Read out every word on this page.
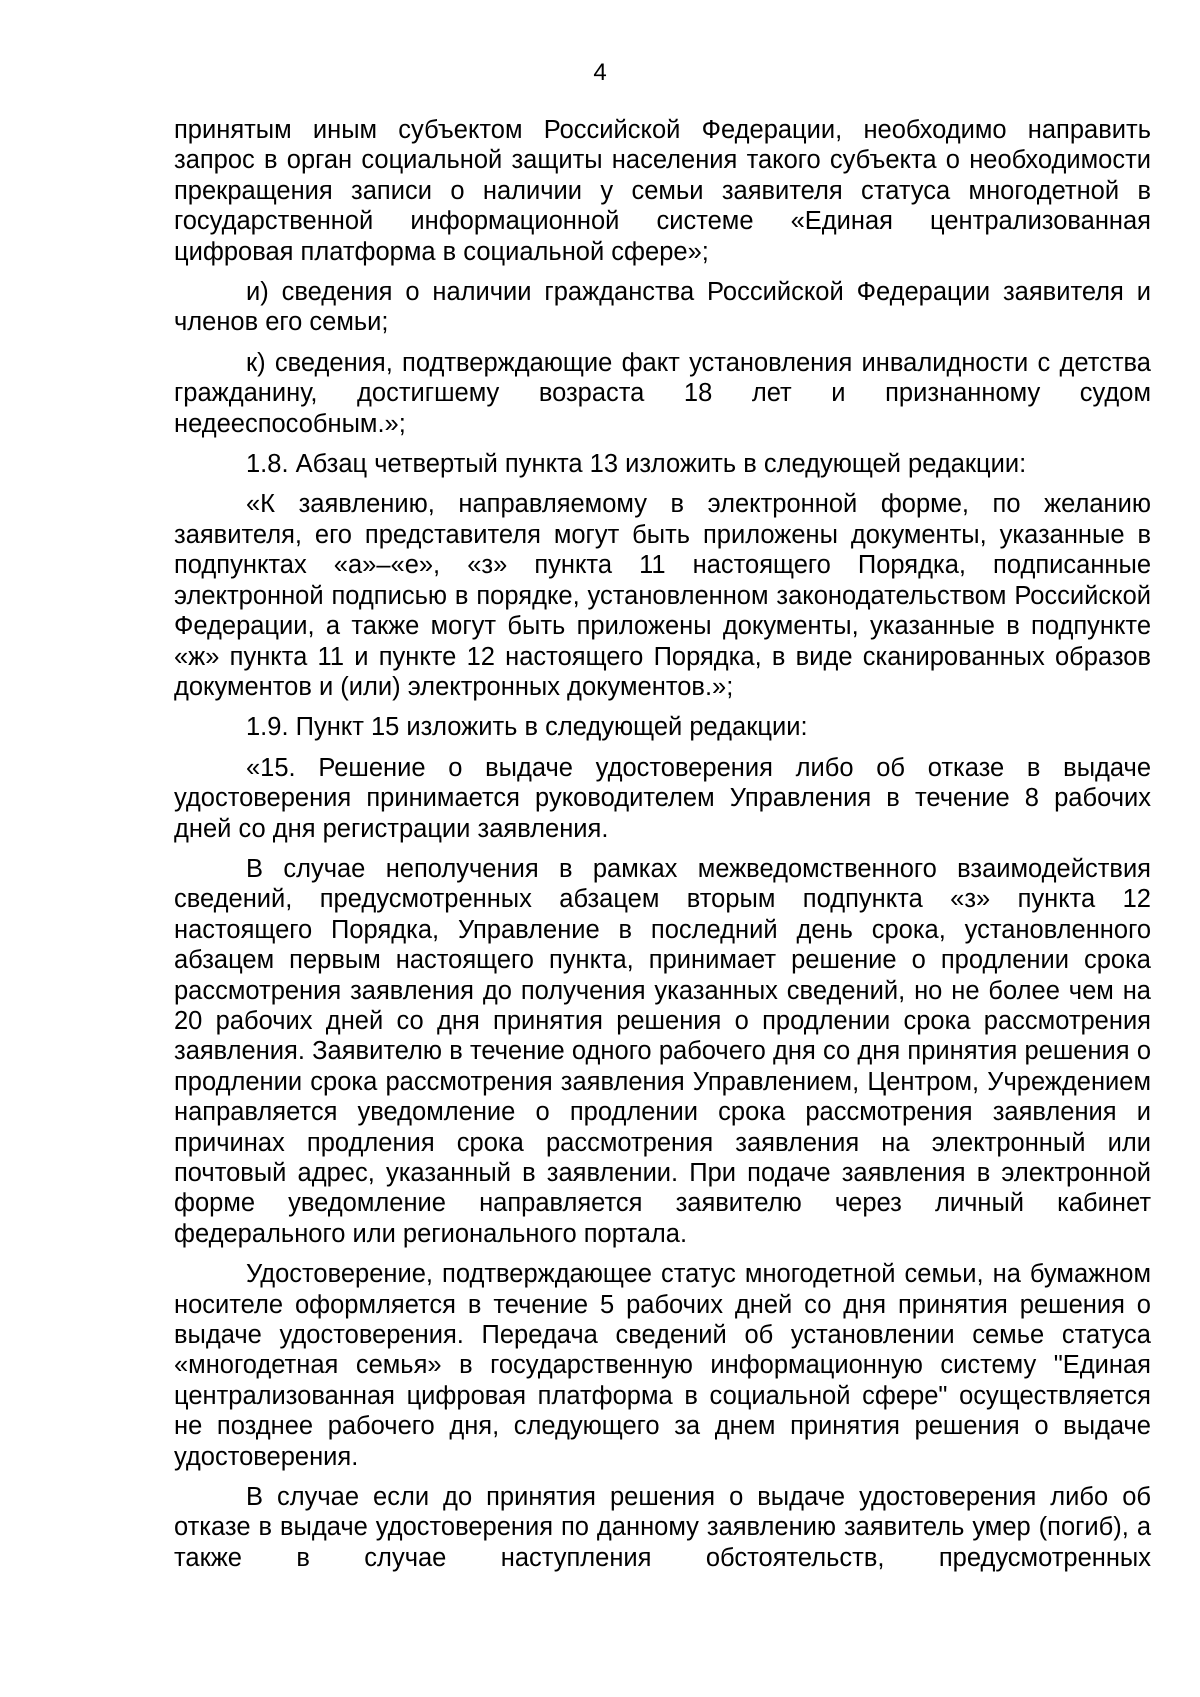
4

принятым иным субъектом Российской Федерации, необходимо направить запрос в орган социальной защиты населения такого субъекта о необходимости прекращения записи о наличии у семьи заявителя статуса многодетной в государственной информационной системе «Единая централизованная цифровая платформа в социальной сфере»;

и) сведения о наличии гражданства Российской Федерации заявителя и членов его семьи;

к) сведения, подтверждающие факт установления инвалидности с детства гражданину, достигшему возраста 18 лет и признанному судом недееспособным.»;

1.8. Абзац четвертый пункта 13 изложить в следующей редакции:

«К заявлению, направляемому в электронной форме, по желанию заявителя, его представителя могут быть приложены документы, указанные в подпунктах «а»–«е», «з» пункта 11 настоящего Порядка, подписанные электронной подписью в порядке, установленном законодательством Российской Федерации, а также могут быть приложены документы, указанные в подпункте «ж» пункта 11 и пункте 12 настоящего Порядка, в виде сканированных образов документов и (или) электронных документов.»;

1.9. Пункт 15 изложить в следующей редакции:

«15. Решение о выдаче удостоверения либо об отказе в выдаче удостоверения принимается руководителем Управления в течение 8 рабочих дней со дня регистрации заявления.

В случае неполучения в рамках межведомственного взаимодействия сведений, предусмотренных абзацем вторым подпункта «з» пункта 12 настоящего Порядка, Управление в последний день срока, установленного абзацем первым настоящего пункта, принимает решение о продлении срока рассмотрения заявления до получения указанных сведений, но не более чем на 20 рабочих дней со дня принятия решения о продлении срока рассмотрения заявления. Заявителю в течение одного рабочего дня со дня принятия решения о продлении срока рассмотрения заявления Управлением, Центром, Учреждением направляется уведомление о продлении срока рассмотрения заявления и причинах продления срока рассмотрения заявления на электронный или почтовый адрес, указанный в заявлении. При подаче заявления в электронной форме уведомление направляется заявителю через личный кабинет федерального или регионального портала.

Удостоверение, подтверждающее статус многодетной семьи, на бумажном носителе оформляется в течение 5 рабочих дней со дня принятия решения о выдаче удостоверения. Передача сведений об установлении семье статуса «многодетная семья» в государственную информационную систему "Единая централизованная цифровая платформа в социальной сфере" осуществляется не позднее рабочего дня, следующего за днем принятия решения о выдаче удостоверения.

В случае если до принятия решения о выдаче удостоверения либо об отказе в выдаче удостоверения по данному заявлению заявитель умер (погиб), а также в случае наступления обстоятельств, предусмотренных
